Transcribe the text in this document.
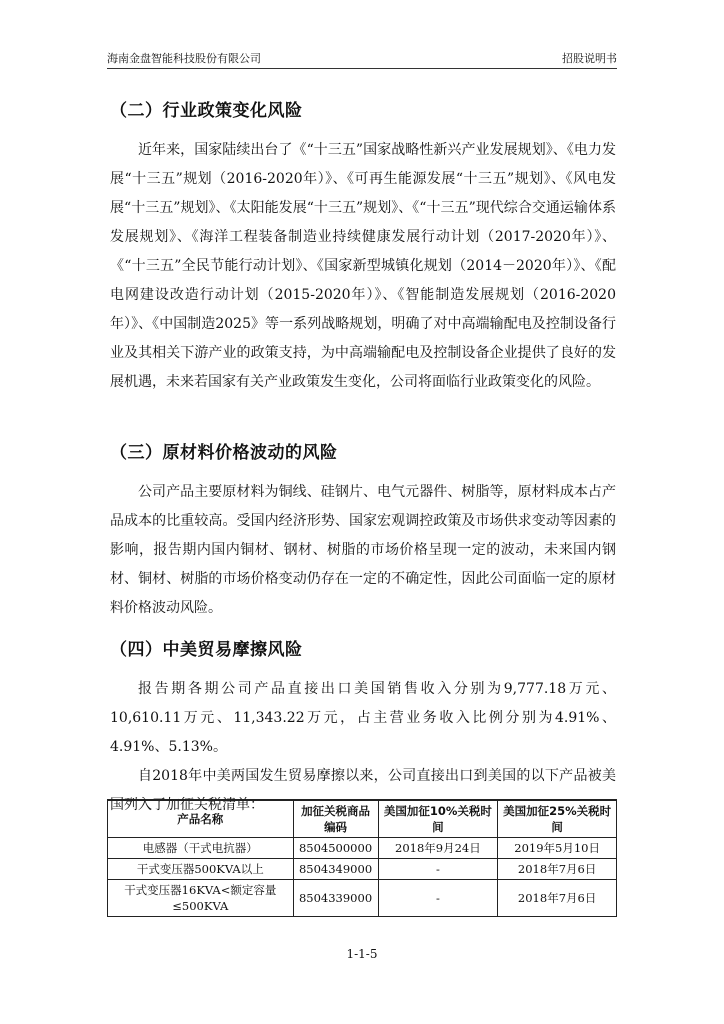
海南金盘智能科技股份有限公司	招股说明书
（二）行业政策变化风险

近年来，国家陆续出台了《“十三五”国家战略性新兴产业发展规划》、《电力发展“十三五”规划（2016-2020年）》、《可再生能源发展“十三五”规划》、《风电发展“十三五”规划》、《太阳能发展“十三五”规划》、《“十三五”现代综合交通运输体系发展规划》、《海洋工程装备制造业持续健康发展行动计划（2017-2020年）》、《“十三五”全民节能行动计划》、《国家新型城镇化规划（2014－2020年）》、《配电网建设改造行动计划（2015-2020年）》、《智能制造发展规划（2016-2020年）》、《中国制造2025》等一系列战略规划，明确了对中高端输配电及控制设备行业及其相关下游产业的政策支持，为中高端输配电及控制设备企业提供了良好的发展机遇，未来若国家有关产业政策发生变化，公司将面临行业政策变化的风险。

（三）原材料价格波动的风险

公司产品主要原材料为铜线、硅钢片、电气元器件、树脂等，原材料成本占产品成本的比重较高。受国内经济形势、国家宏观调控政策及市场供求变动等因素的影响，报告期内国内铜材、钢材、树脂的市场价格呈现一定的波动，未来国内钢材、铜材、树脂的市场价格变动仍存在一定的不确定性，因此公司面临一定的原材料价格波动风险。

（四）中美贸易摩擦风险

报告期各期公司产品直接出口美国销售收入分别为9,777.18万元、10,610.11万元、11,343.22万元，占主营业务收入比例分别为4.91%、4.91%、5.13%。

自2018年中美两国发生贸易摩擦以来，公司直接出口到美国的以下产品被美国列入了加征关税清单：

产品名称	加征关税商品编码	美国加征10%关税时间	美国加征25%关税时间
电感器（干式电抗器）	8504500000	2018年9月24日	2019年5月10日
干式变压器500KVA以上	8504349000	-	2018年7月6日
干式变压器16KVA<额定容量≤500KVA	8504339000	-	2018年7月6日
1-1-5
